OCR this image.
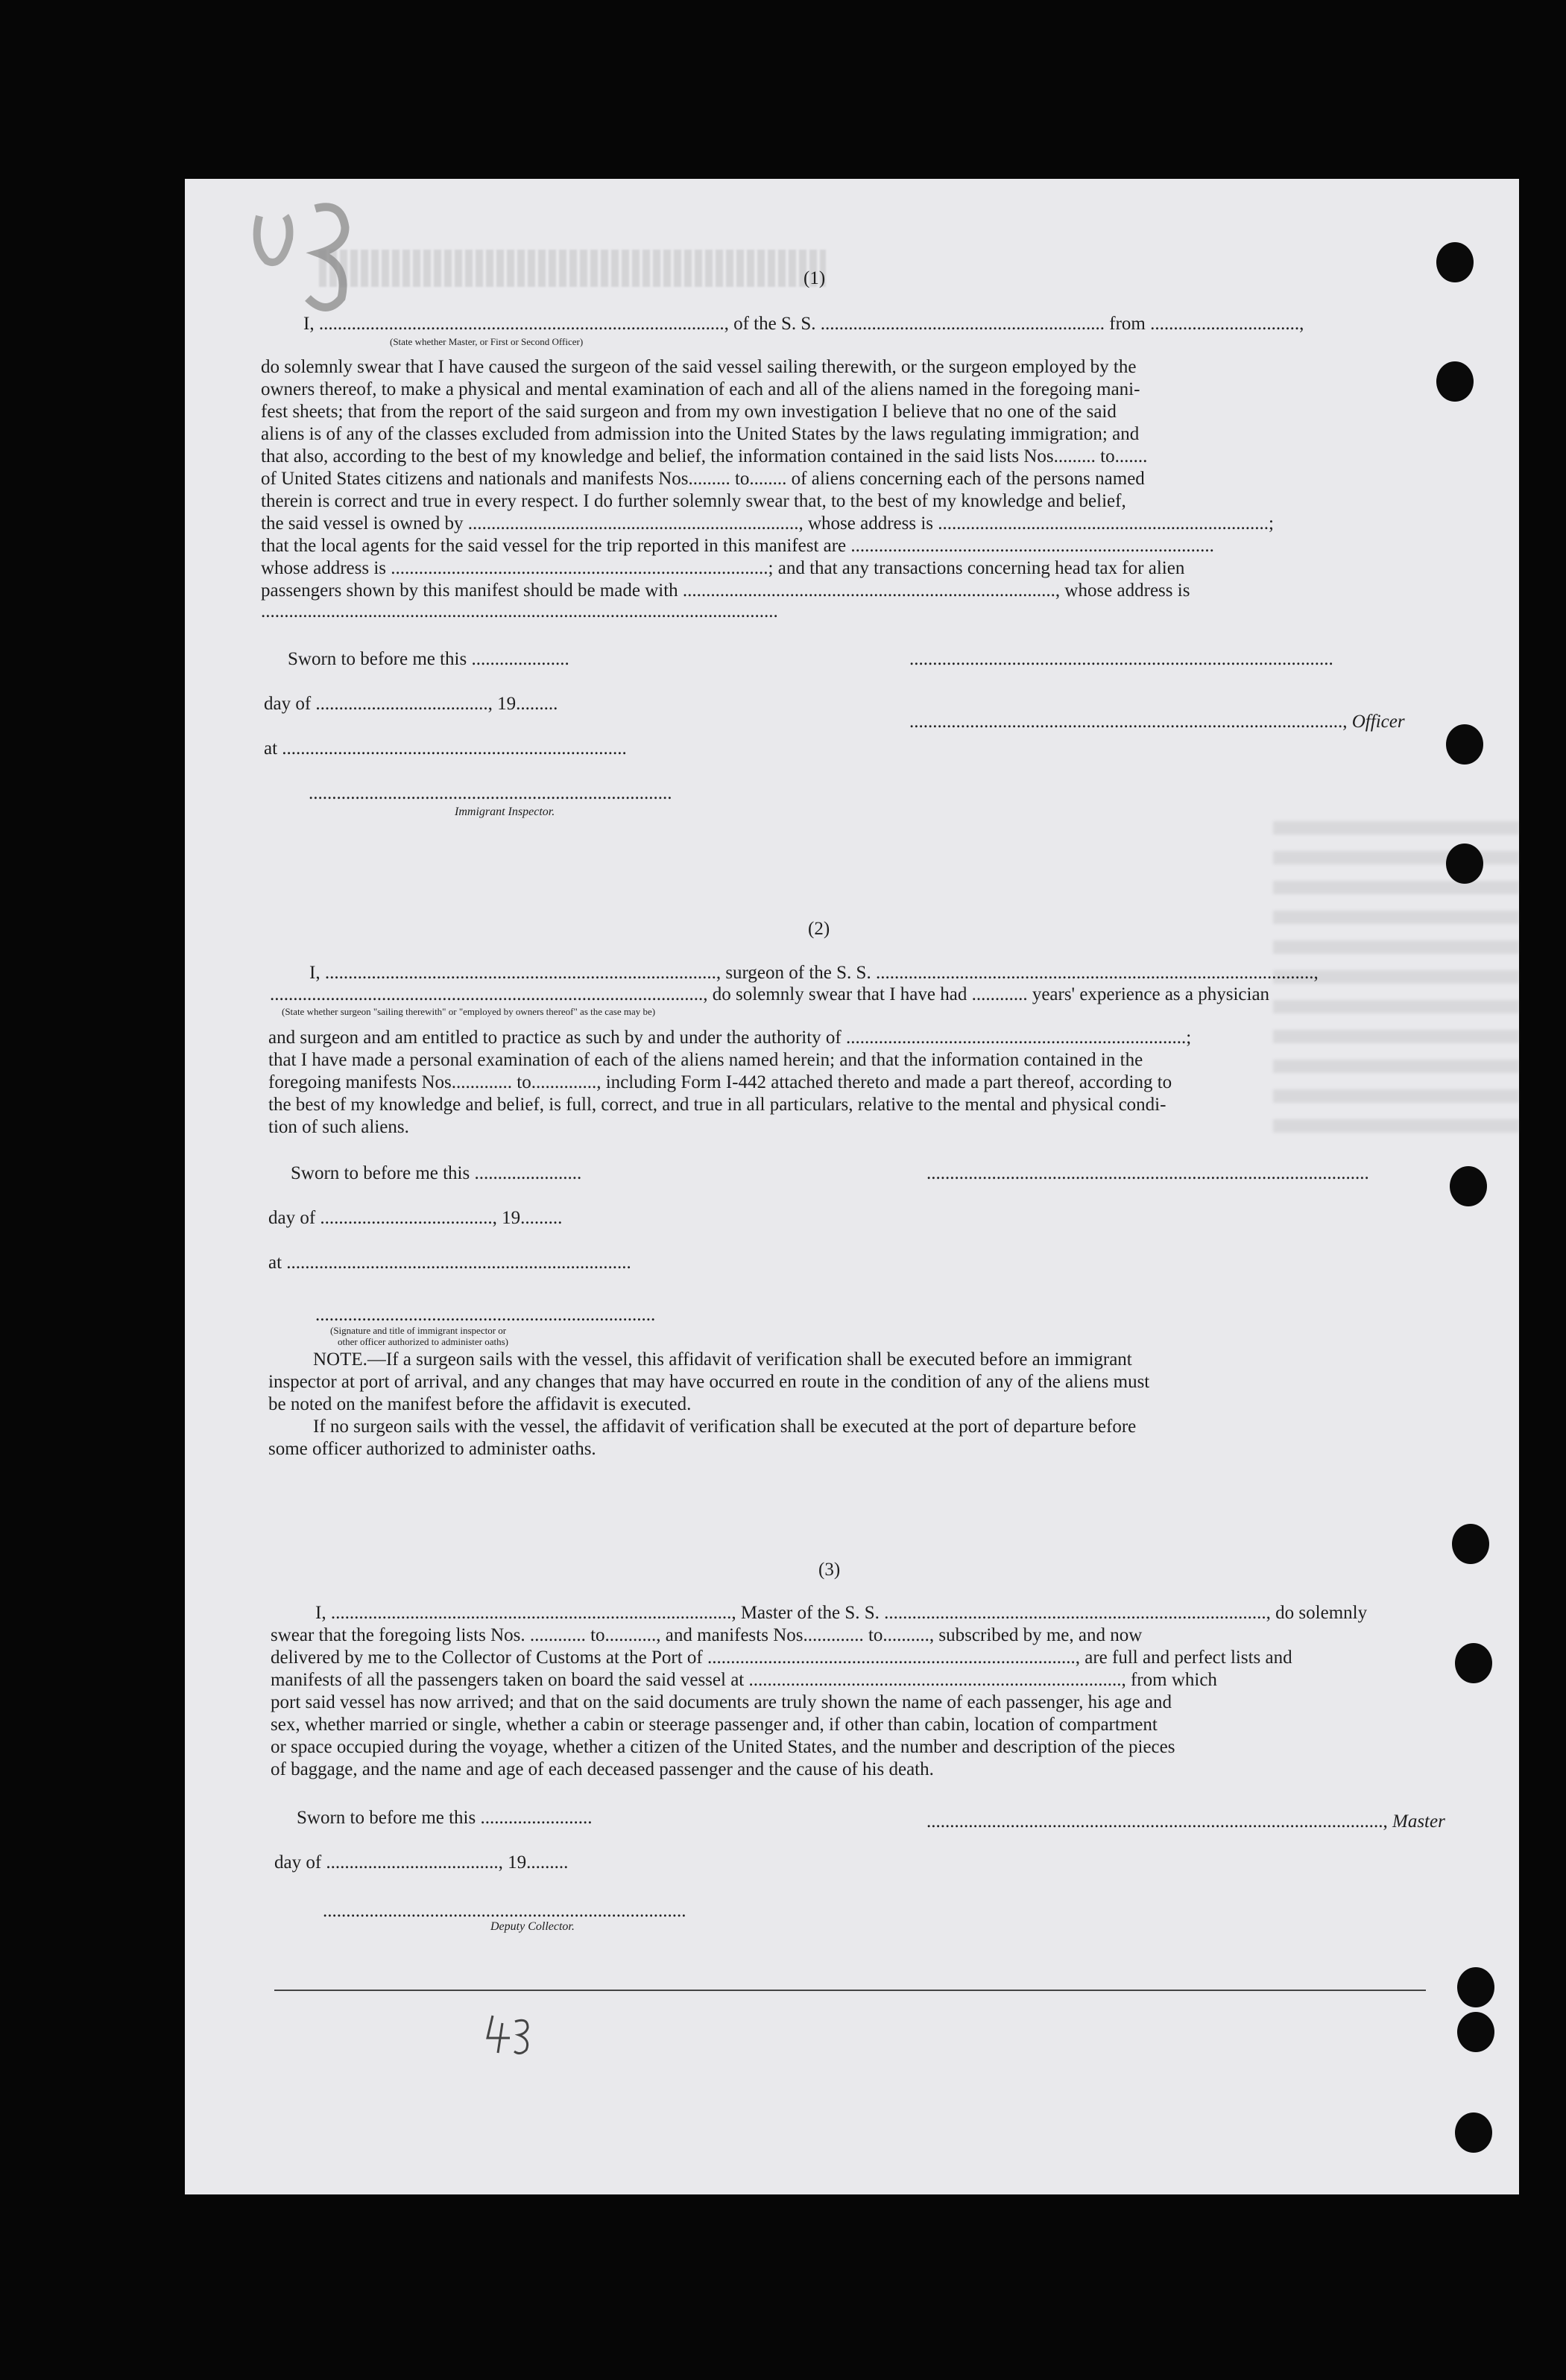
(1)
I, ......................................................................................., of the S. S. ............................................................. from ................................,
(State whether Master, or First or Second Officer)
do solemnly swear that I have caused the surgeon of the said vessel sailing therewith, or the surgeon employed by the
owners thereof, to make a physical and mental examination of each and all of the aliens named in the foregoing mani-
fest sheets; that from the report of the said surgeon and from my own investigation I believe that no one of the said
aliens is of any of the classes excluded from admission into the United States by the laws regulating immigration; and
that also, according to the best of my knowledge and belief, the information contained in the said lists Nos......... to.......
of United States citizens and nationals and manifests Nos......... to........ of aliens concerning each of the persons named
therein is correct and true in every respect. I do further solemnly swear that, to the best of my knowledge and belief,
the said vessel is owned by ......................................................................., whose address is .......................................................................;
that the local agents for the said vessel for the trip reported in this manifest are ..............................................................................
whose address is .................................................................................; and that any transactions concerning head tax for alien
passengers shown by this manifest should be made with ................................................................................, whose address is
...............................................................................................................
Sworn to before me this .....................	...........................................................................................
day of ....................................., 19.........
............................................................................................., Officer
at ..........................................................................
..............................................................................
Immigrant Inspector.
(2)
I, ...................................................................................., surgeon of the S. S. ..............................................................................................,
............................................................................................., do solemnly swear that I have had ............ years' experience as a physician
(State whether surgeon "sailing therewith" or "employed by owners thereof" as the case may be)
and surgeon and am entitled to practice as such by and under the authority of .........................................................................;
that I have made a personal examination of each of the aliens named herein; and that the information contained in the
foregoing manifests Nos............. to.............., including Form I-442 attached thereto and made a part thereof, according to
the best of my knowledge and belief, is full, correct, and true in all particulars, relative to the mental and physical condi-
tion of such aliens.
Sworn to before me this .......................	...............................................................................................
day of ....................................., 19.........
at ..........................................................................
.........................................................................
(Signature and title of immigrant inspector or
other officer authorized to administer oaths)
NOTE.—If a surgeon sails with the vessel, this affidavit of verification shall be executed before an immigrant
inspector at port of arrival, and any changes that may have occurred en route in the condition of any of the aliens must
be noted on the manifest before the affidavit is executed.
If no surgeon sails with the vessel, the affidavit of verification shall be executed at the port of departure before
some officer authorized to administer oaths.
(3)
I, ......................................................................................, Master of the S. S. .................................................................................., do solemnly
swear that the foregoing lists Nos. ............ to..........., and manifests Nos............. to.........., subscribed by me, and now
delivered by me to the Collector of Customs at the Port of ..............................................................................., are full and perfect lists and
manifests of all the passengers taken on board the said vessel at ................................................................................, from which
port said vessel has now arrived; and that on the said documents are truly shown the name of each passenger, his age and
sex, whether married or single, whether a cabin or steerage passenger and, if other than cabin, location of compartment
or space occupied during the voyage, whether a citizen of the United States, and the number and description of the pieces
of baggage, and the name and age of each deceased passenger and the cause of his death.
Sworn to before me this ........................	.................................................................................................., Master
day of ....................................., 19.........
..............................................................................
Deputy Collector.
